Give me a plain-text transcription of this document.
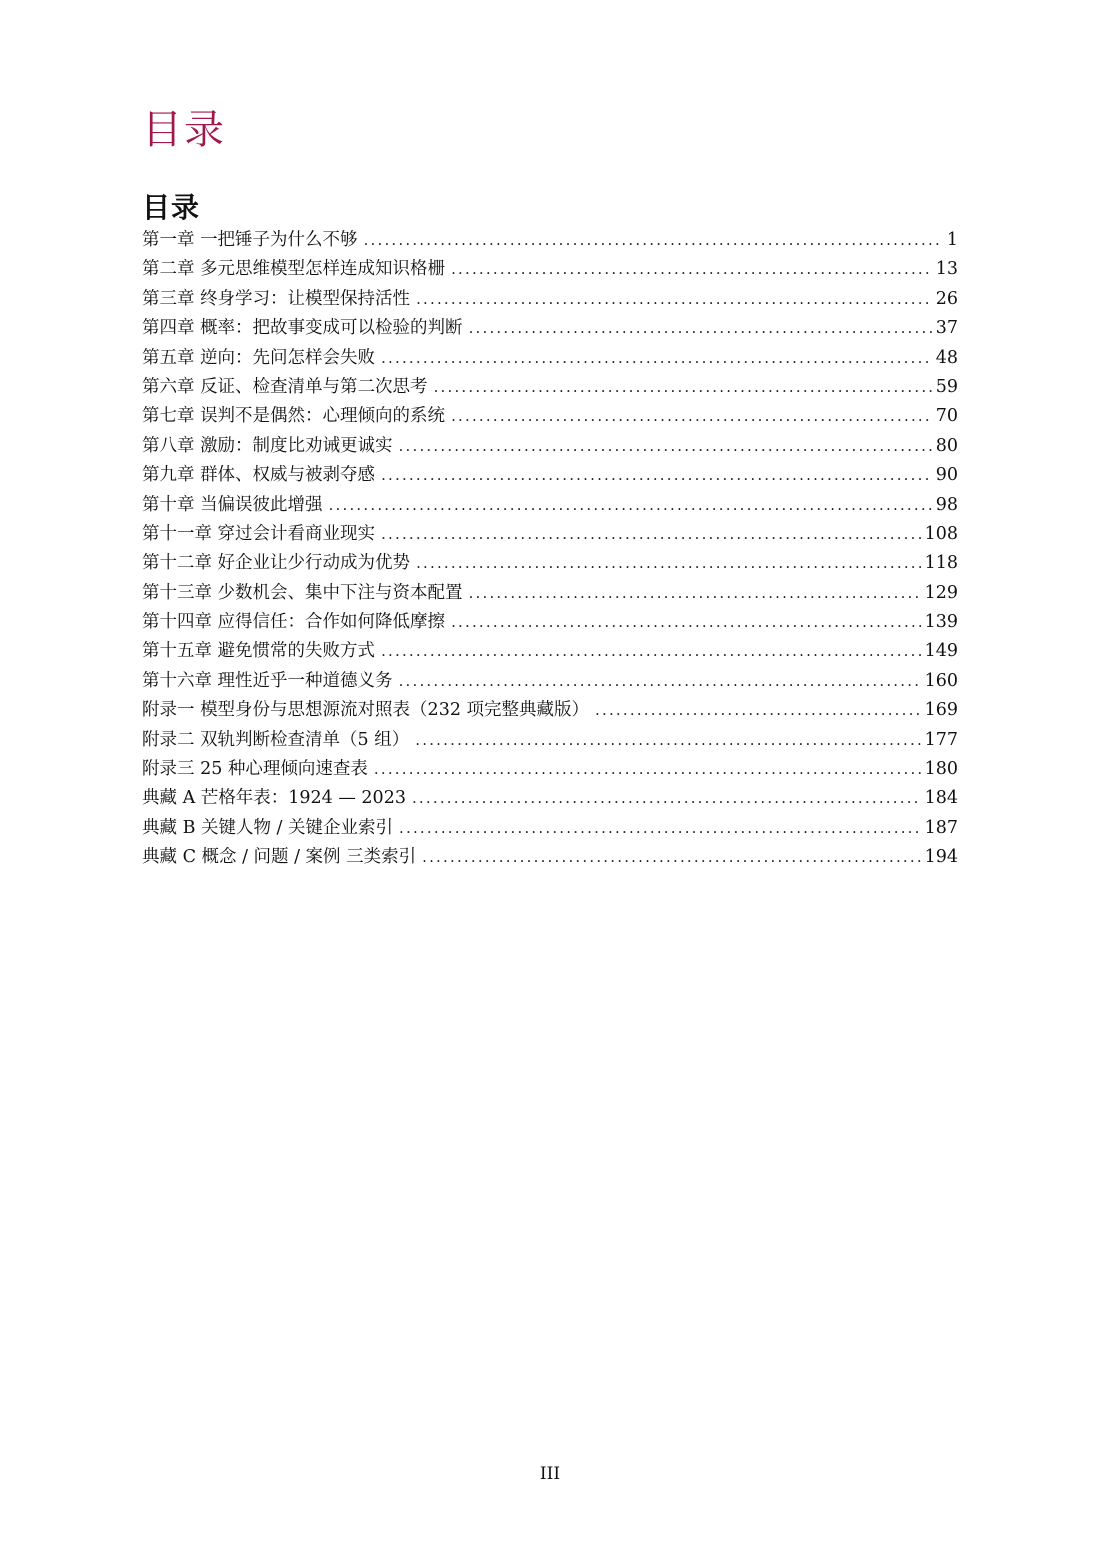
目录
目录
第一章 一把锤子为什么不够 .....	1
第二章 多元思维模型怎样连成知识格栅 .....	13
第三章 终身学习：让模型保持活性 .....	26
第四章 概率：把故事变成可以检验的判断 .....	37
第五章 逆向：先问怎样会失败 .....	48
第六章 反证、检查清单与第二次思考 .....	59
第七章 误判不是偶然：心理倾向的系统 .....	70
第八章 激励：制度比劝诫更诚实 .....	80
第九章 群体、权威与被剥夺感 .....	90
第十章 当偏误彼此增强 .....	98
第十一章 穿过会计看商业现实 .....	108
第十二章 好企业让少行动成为优势 .....	118
第十三章 少数机会、集中下注与资本配置 .....	129
第十四章 应得信任：合作如何降低摩擦 .....	139
第十五章 避免惯常的失败方式 .....	149
第十六章 理性近乎一种道德义务 .....	160
附录一 模型身份与思想源流对照表（232 项完整典藏版） .....	169
附录二 双轨判断检查清单（5 组） .....	177
附录三 25 种心理倾向速查表 .....	180
典藏 A 芒格年表：1924 — 2023 .....	184
典藏 B 关键人物 / 关键企业索引 .....	187
典藏 C 概念 / 问题 / 案例 三类索引 .....	194
III
